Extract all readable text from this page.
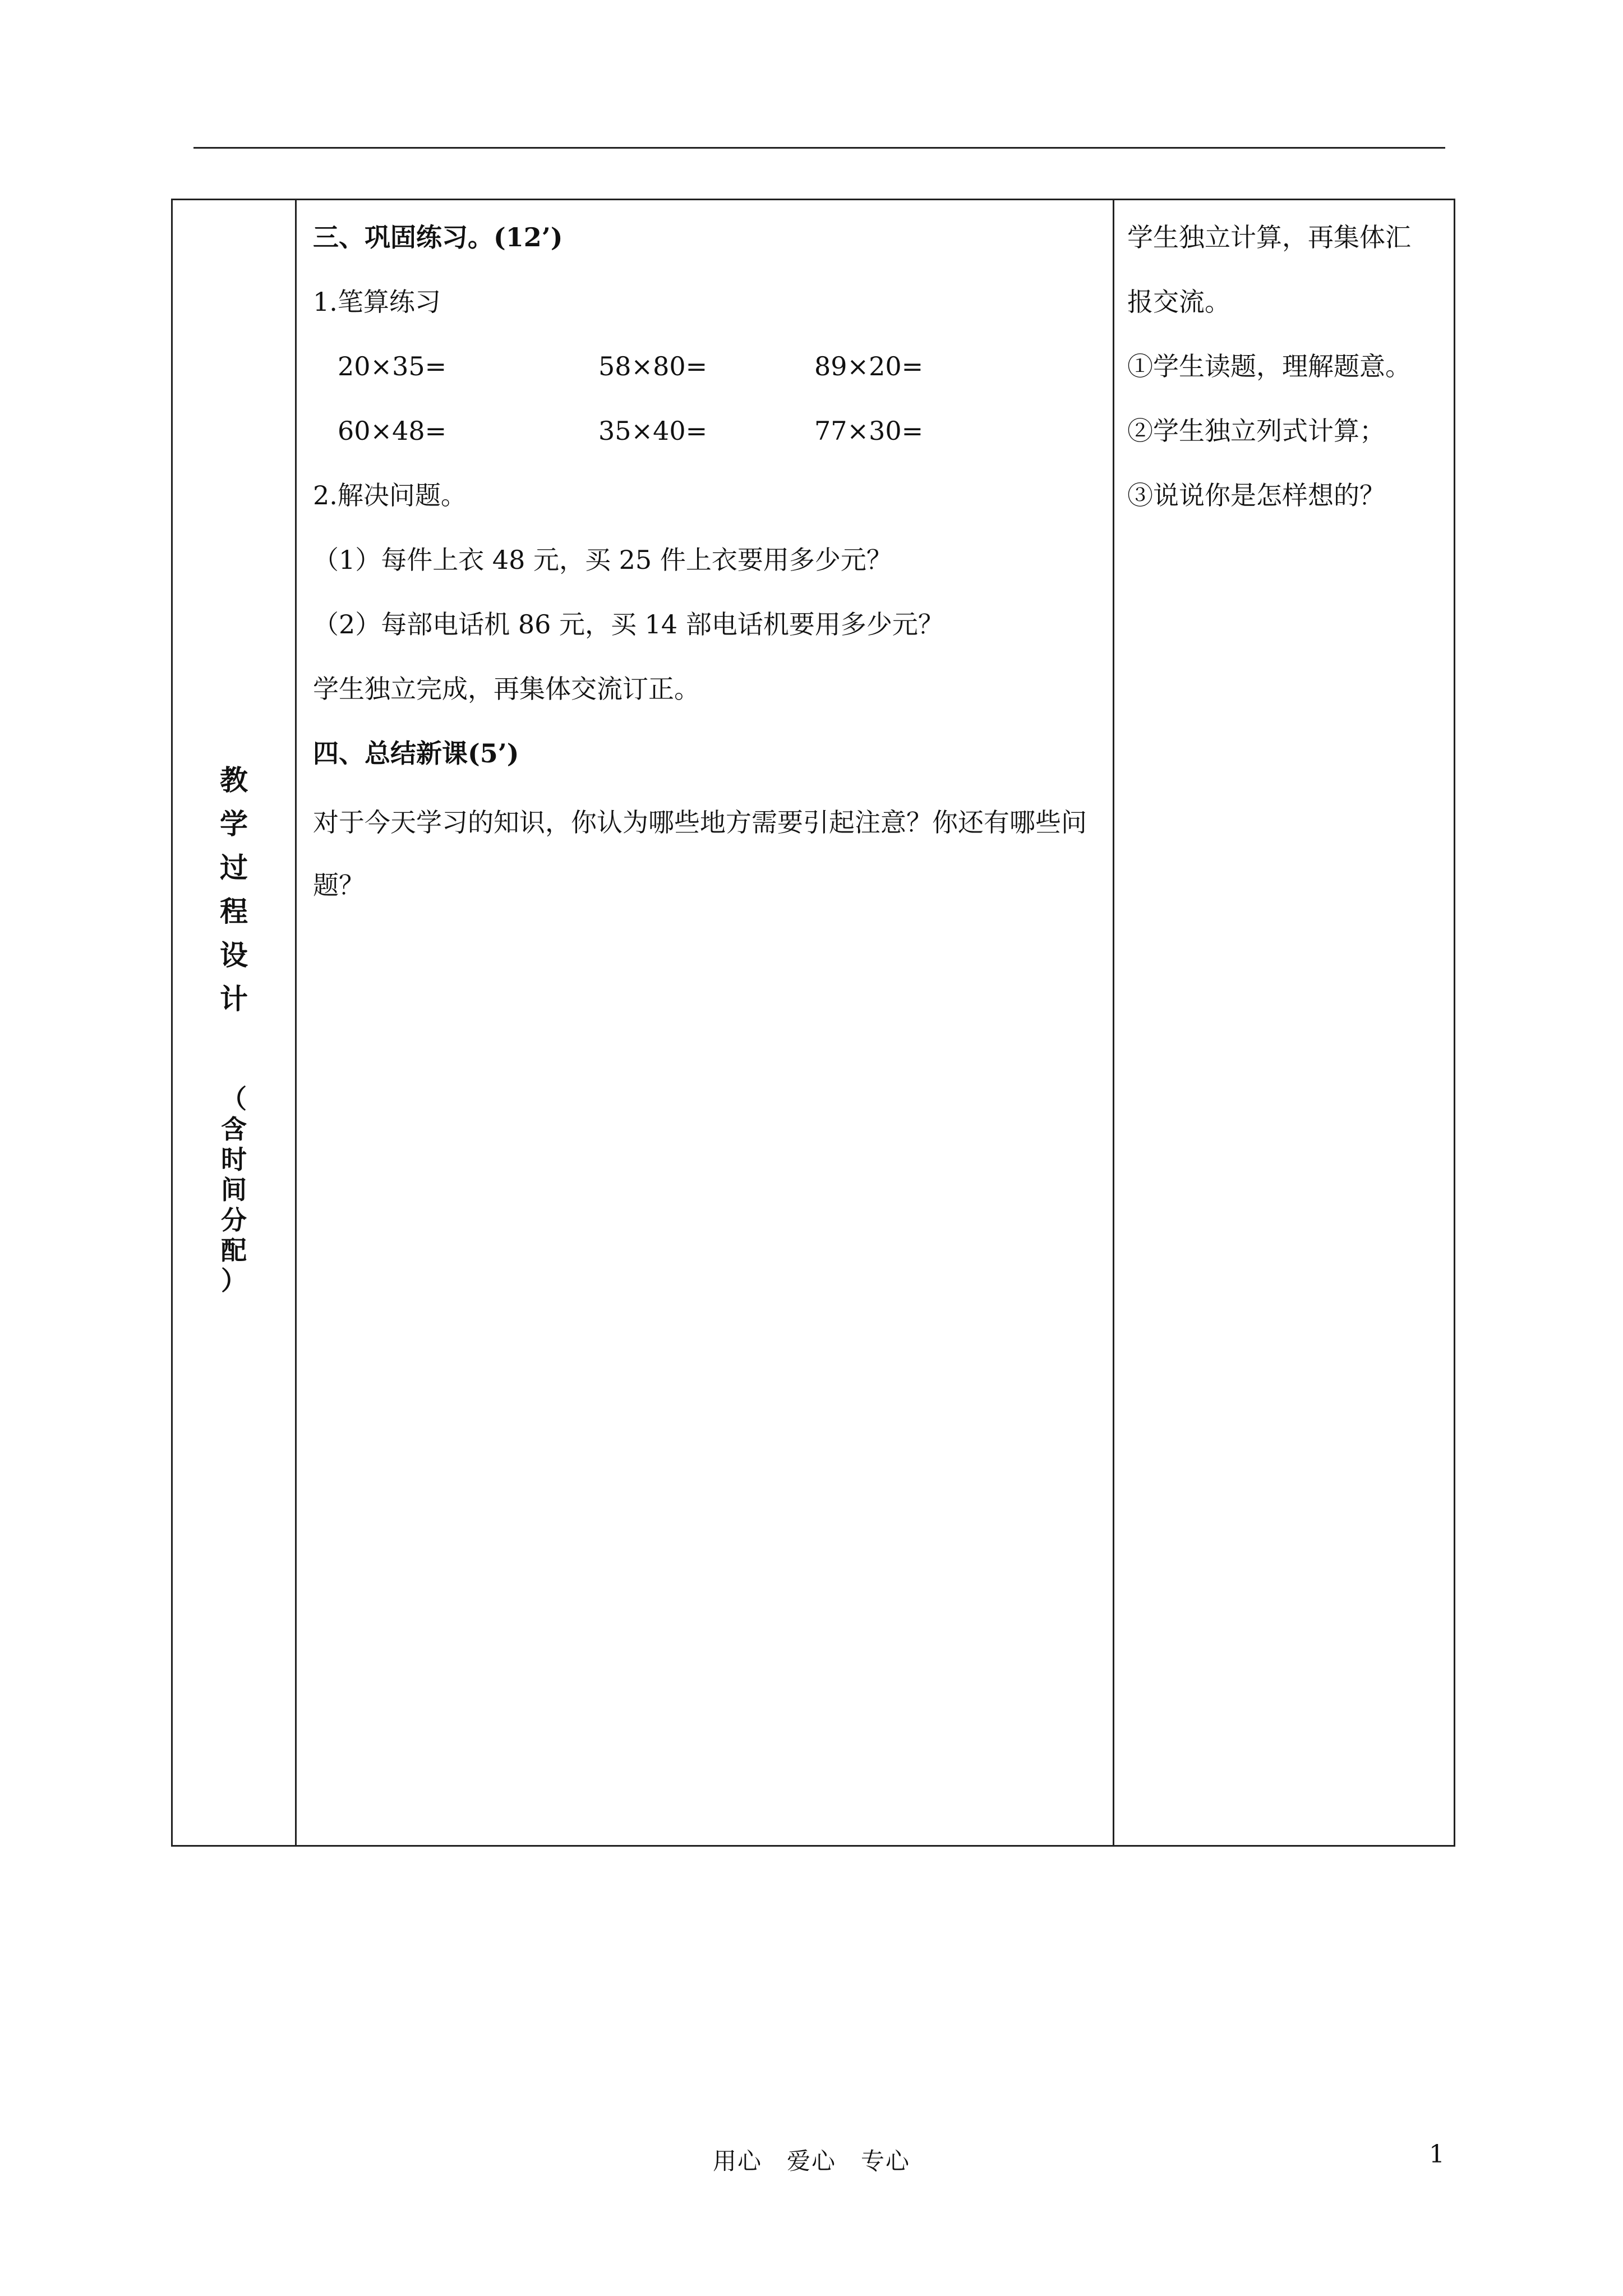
教
学
过
程
设
计
（
含
时
间
分
配
）
三、巩固练习。(12’)
1.笔算练习
20×35=	58×80=	89×20=
60×48=	35×40=	77×30=
2.解决问题。
（1）每件上衣 48 元，买 25 件上衣要用多少元？
（2）每部电话机 86 元，买 14 部电话机要用多少元？
学生独立完成，再集体交流订正。
四、总结新课(5’)
对于今天学习的知识，你认为哪些地方需要引起注意？你还有哪些问题？
学生独立计算，再集体汇
报交流。
①学生读题，理解题意。
②学生独立列式计算；
③说说你是怎样想的？
用心　爱心　专心	1
